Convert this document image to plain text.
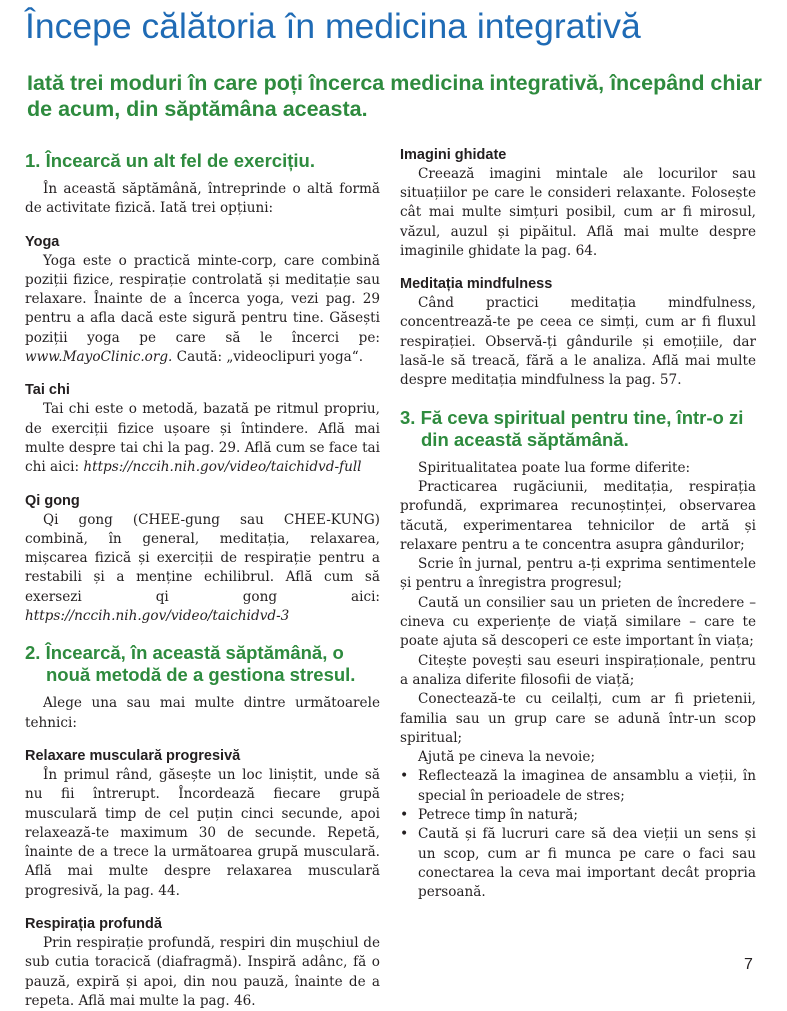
Începe călătoria în medicina integrativă

Iată trei moduri în care poți încerca medicina integrativă, începând chiar de acum, din săptămâna aceasta.

1. Încearcă un alt fel de exercițiu.

În această săptămână, întreprinde o altă formă de activitate fizică. Iată trei opțiuni:

Yoga

Yoga este o practică minte-corp, care combină poziții fizice, respirație controlată și meditație sau relaxare. Înainte de a încerca yoga, vezi pag. 29 pentru a afla dacă este sigură pentru tine. Găsești poziții yoga pe care să le încerci pe: www.MayoClinic.org. Caută: „videoclipuri yoga“.

Tai chi

Tai chi este o metodă, bazată pe ritmul propriu, de exerciții fizice ușoare și întindere. Află mai multe despre tai chi la pag. 29. Află cum se face tai chi aici: https://nccih.nih.gov/video/taichidvd-full

Qi gong

Qi gong (CHEE-gung sau CHEE-KUNG) combină, în general, meditația, relaxarea, mișcarea fizică și exerciții de respirație pentru a restabili și a menține echilibrul. Află cum să exersezi qi gong aici: https://nccih.nih.gov/video/taichidvd-3

2. Încearcă, în această săptămână, o nouă metodă de a gestiona stresul.

Alege una sau mai multe dintre următoarele tehnici:

Relaxare musculară progresivă

În primul rând, găsește un loc liniștit, unde să nu fii întrerupt. Încordează fiecare grupă musculară timp de cel puțin cinci secunde, apoi relaxează-te maximum 30 de secunde. Repetă, înainte de a trece la următoarea grupă musculară. Află mai multe despre relaxarea musculară progresivă, la pag. 44.

Respirația profundă

Prin respirație profundă, respiri din mușchiul de sub cutia toracică (diafragmă). Inspiră adânc, fă o pauză, expiră și apoi, din nou pauză, înainte de a repeta. Află mai multe la pag. 46.

Imagini ghidate

Creează imagini mintale ale locurilor sau situațiilor pe care le consideri relaxante. Folosește cât mai multe simțuri posibil, cum ar fi mirosul, văzul, auzul și pipăitul. Află mai multe despre imaginile ghidate la pag. 64.

Meditația mindfulness

Când practici meditația mindfulness, concentrează-te pe ceea ce simți, cum ar fi fluxul respirației. Observă-ți gândurile și emoțiile, dar lasă-le să treacă, fără a le analiza. Află mai multe despre meditația mindfulness la pag. 57.

3. Fă ceva spiritual pentru tine, într-o zi din această săptămână.

Spiritualitatea poate lua forme diferite:

Practicarea rugăciunii, meditația, respirația profundă, exprimarea recunoștinței, observarea tăcută, experimentarea tehnicilor de artă și relaxare pentru a te concentra asupra gândurilor;

Scrie în jurnal, pentru a-ți exprima sentimentele și pentru a înregistra progresul;

Caută un consilier sau un prieten de încredere – cineva cu experiențe de viață similare – care te poate ajuta să descoperi ce este important în viața;

Citește povești sau eseuri inspiraționale, pentru a analiza diferite filosofii de viață;

Conectează-te cu ceilalți, cum ar fi prietenii, familia sau un grup care se adună într-un scop spiritual;

Ajută pe cineva la nevoie;

• Reflectează la imaginea de ansamblu a vieții, în special în perioadele de stres;
• Petrece timp în natură;
• Caută și fă lucruri care să dea vieții un sens și un scop, cum ar fi munca pe care o faci sau conectarea la ceva mai important decât propria persoană.
7
